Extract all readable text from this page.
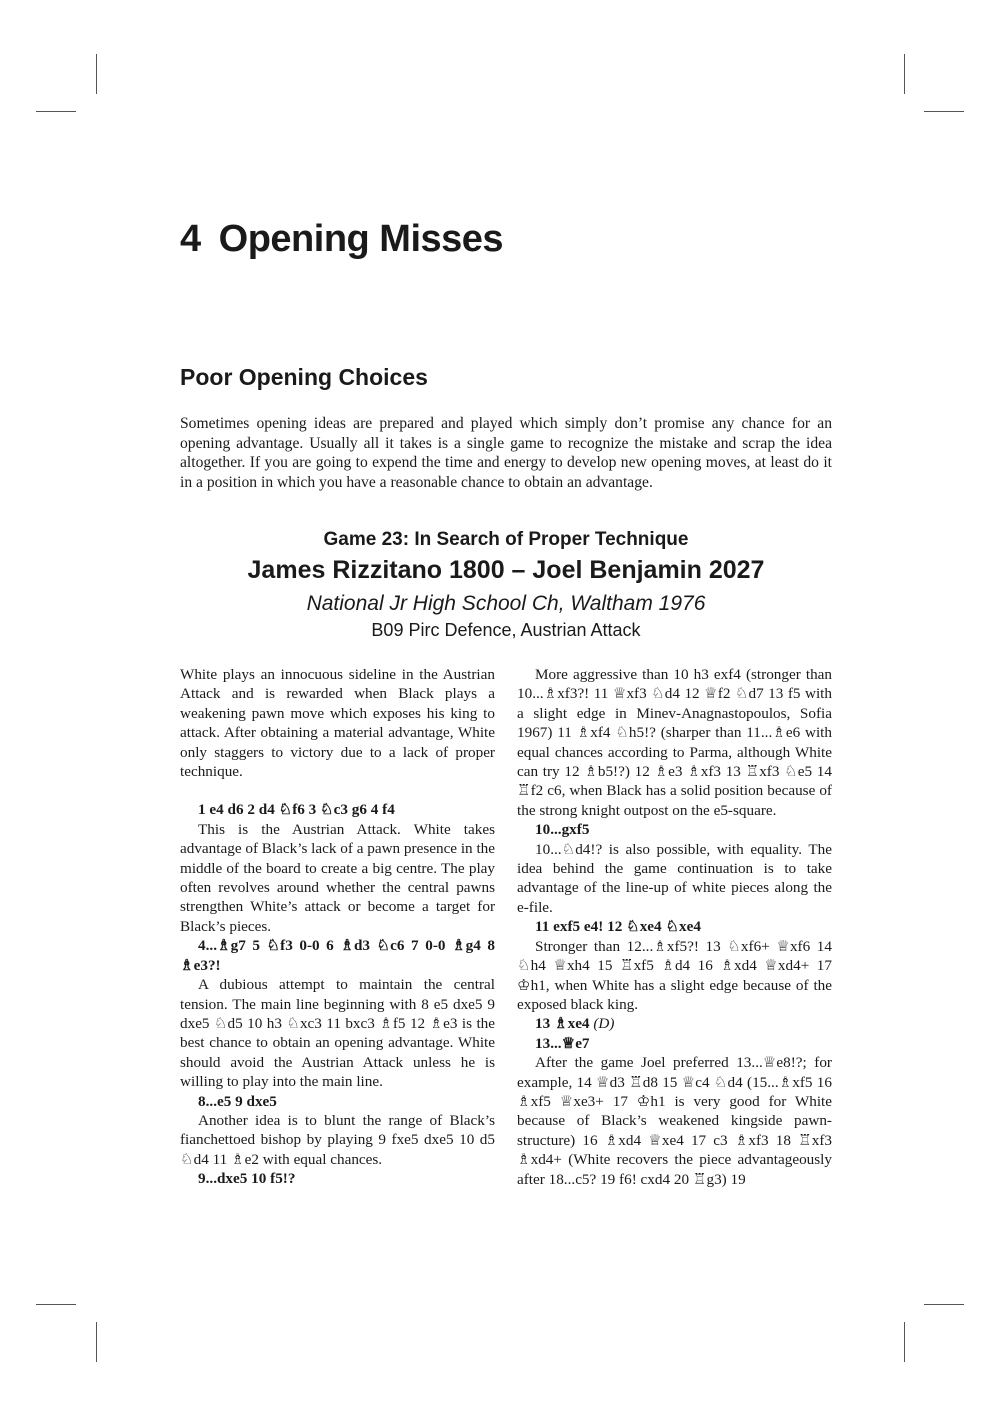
4 Opening Misses
Poor Opening Choices

Sometimes opening ideas are prepared and played which simply don’t promise any chance for an opening advantage. Usually all it takes is a single game to recognize the mistake and scrap the idea altogether. If you are going to expend the time and energy to develop new opening moves, at least do it in a position in which you have a reasonable chance to obtain an advantage.

Game 23: In Search of Proper Technique
James Rizzitano 1800 – Joel Benjamin 2027
National Jr High School Ch, Waltham 1976
B09 Pirc Defence, Austrian Attack

White plays an innocuous sideline in the Austrian Attack and is rewarded when Black plays a weakening pawn move which exposes his king to attack. After obtaining a material advantage, White only staggers to victory due to a lack of proper technique.

1 e4 d6 2 d4 ♘f6 3 ♘c3 g6 4 f4

This is the Austrian Attack. White takes advantage of Black’s lack of a pawn presence in the middle of the board to create a big centre. The play often revolves around whether the central pawns strengthen White’s attack or become a target for Black’s pieces.

4...♗g7 5 ♘f3 0-0 6 ♗d3 ♘c6 7 0-0 ♗g4 8 ♗e3?!

A dubious attempt to maintain the central tension. The main line beginning with 8 e5 dxe5 9 dxe5 ♘d5 10 h3 ♘xc3 11 bxc3 ♗f5 12 ♗e3 is the best chance to obtain an opening advantage. White should avoid the Austrian Attack unless he is willing to play into the main line.

8...e5 9 dxe5

Another idea is to blunt the range of Black’s fianchettoed bishop by playing 9 fxe5 dxe5 10 d5 ♘d4 11 ♗e2 with equal chances.

9...dxe5 10 f5!?

More aggressive than 10 h3 exf4 (stronger than 10...♗xf3?! 11 ♕xf3 ♘d4 12 ♕f2 ♘d7 13 f5 with a slight edge in Minev-Anagnastopoulos, Sofia 1967) 11 ♗xf4 ♘h5!? (sharper than 11...♗e6 with equal chances according to Parma, although White can try 12 ♗b5!?) 12 ♗e3 ♗xf3 13 ♖xf3 ♘e5 14 ♖f2 c6, when Black has a solid position because of the strong knight outpost on the e5-square.

10...gxf5

10...♘d4!? is also possible, with equality. The idea behind the game continuation is to take advantage of the line-up of white pieces along the e-file.

11 exf5 e4! 12 ♘xe4 ♘xe4

Stronger than 12...♗xf5?! 13 ♘xf6+ ♕xf6 14 ♘h4 ♕xh4 15 ♖xf5 ♗d4 16 ♗xd4 ♕xd4+ 17 ♔h1, when White has a slight edge because of the exposed black king.

13 ♗xe4 (D)

13...♕e7

After the game Joel preferred 13...♕e8!?; for example, 14 ♕d3 ♖d8 15 ♕c4 ♘d4 (15...♗xf5 16 ♗xf5 ♕xe3+ 17 ♔h1 is very good for White because of Black’s weakened kingside pawn-structure) 16 ♗xd4 ♕xe4 17 c3 ♗xf3 18 ♖xf3 ♗xd4+ (White recovers the piece advantageously after 18...c5? 19 f6! cxd4 20 ♖g3) 19
